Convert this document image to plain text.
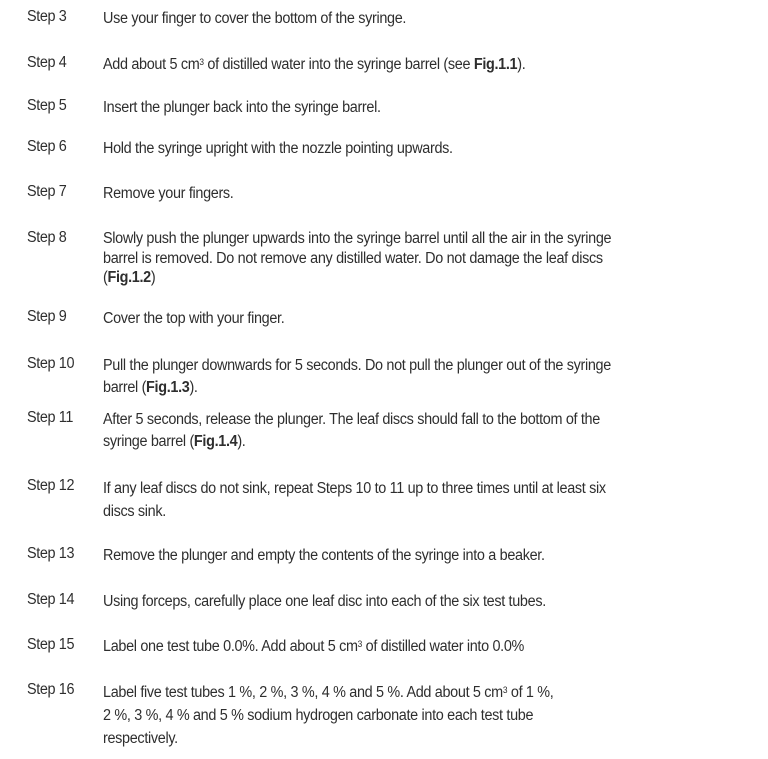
Step 3 Use your finger to cover the bottom of the syringe.
Step 4 Add about 5 $cm^3$ of distilled water into the syringe barrel (see Fig.1.1).
Step 5 Insert the plunger back into the syringe barrel.
Step 6 Hold the syringe upright with the nozzle pointing upwards.
Step 7 Remove your fingers.
Step 8 Slowly push the plunger upwards into the syringe barrel until all the air in the syringe
barrel is removed. Do not remove any distilled water. Do not damage the leaf discs
(Fig.1.2)
Step 9 Cover the top with your finger.
Step 10 Pull the plunger downwards for 5 seconds. Do not pull the plunger out of the syringe
barrel (Fig.1.3).
Step 11 After 5 seconds, release the plunger. The leaf discs should fall to the bottom of the
syringe barrel (Fig.1.4).
Step 12 If any leaf discs do not sink, repeat Steps 10 to 11 up to three times until at least six
discs sink.
Step 13 Remove the plunger and empty the contents of the syringe into a beaker.
Step 14 Using forceps, carefully place one leaf disc into each of the six test tubes.
Step 15 Label one test tube 0.0%. Add about 5 $cm^3$ of distilled water into 0.0%
Step 16 Label five test tubes 1 %, 2 %, 3 %, 4 % and 5 %. Add about 5 $cm^3$ of 1 %,
2 %, 3 %, 4 % and 5 % sodium hydrogen carbonate into each test tube
respectively.
